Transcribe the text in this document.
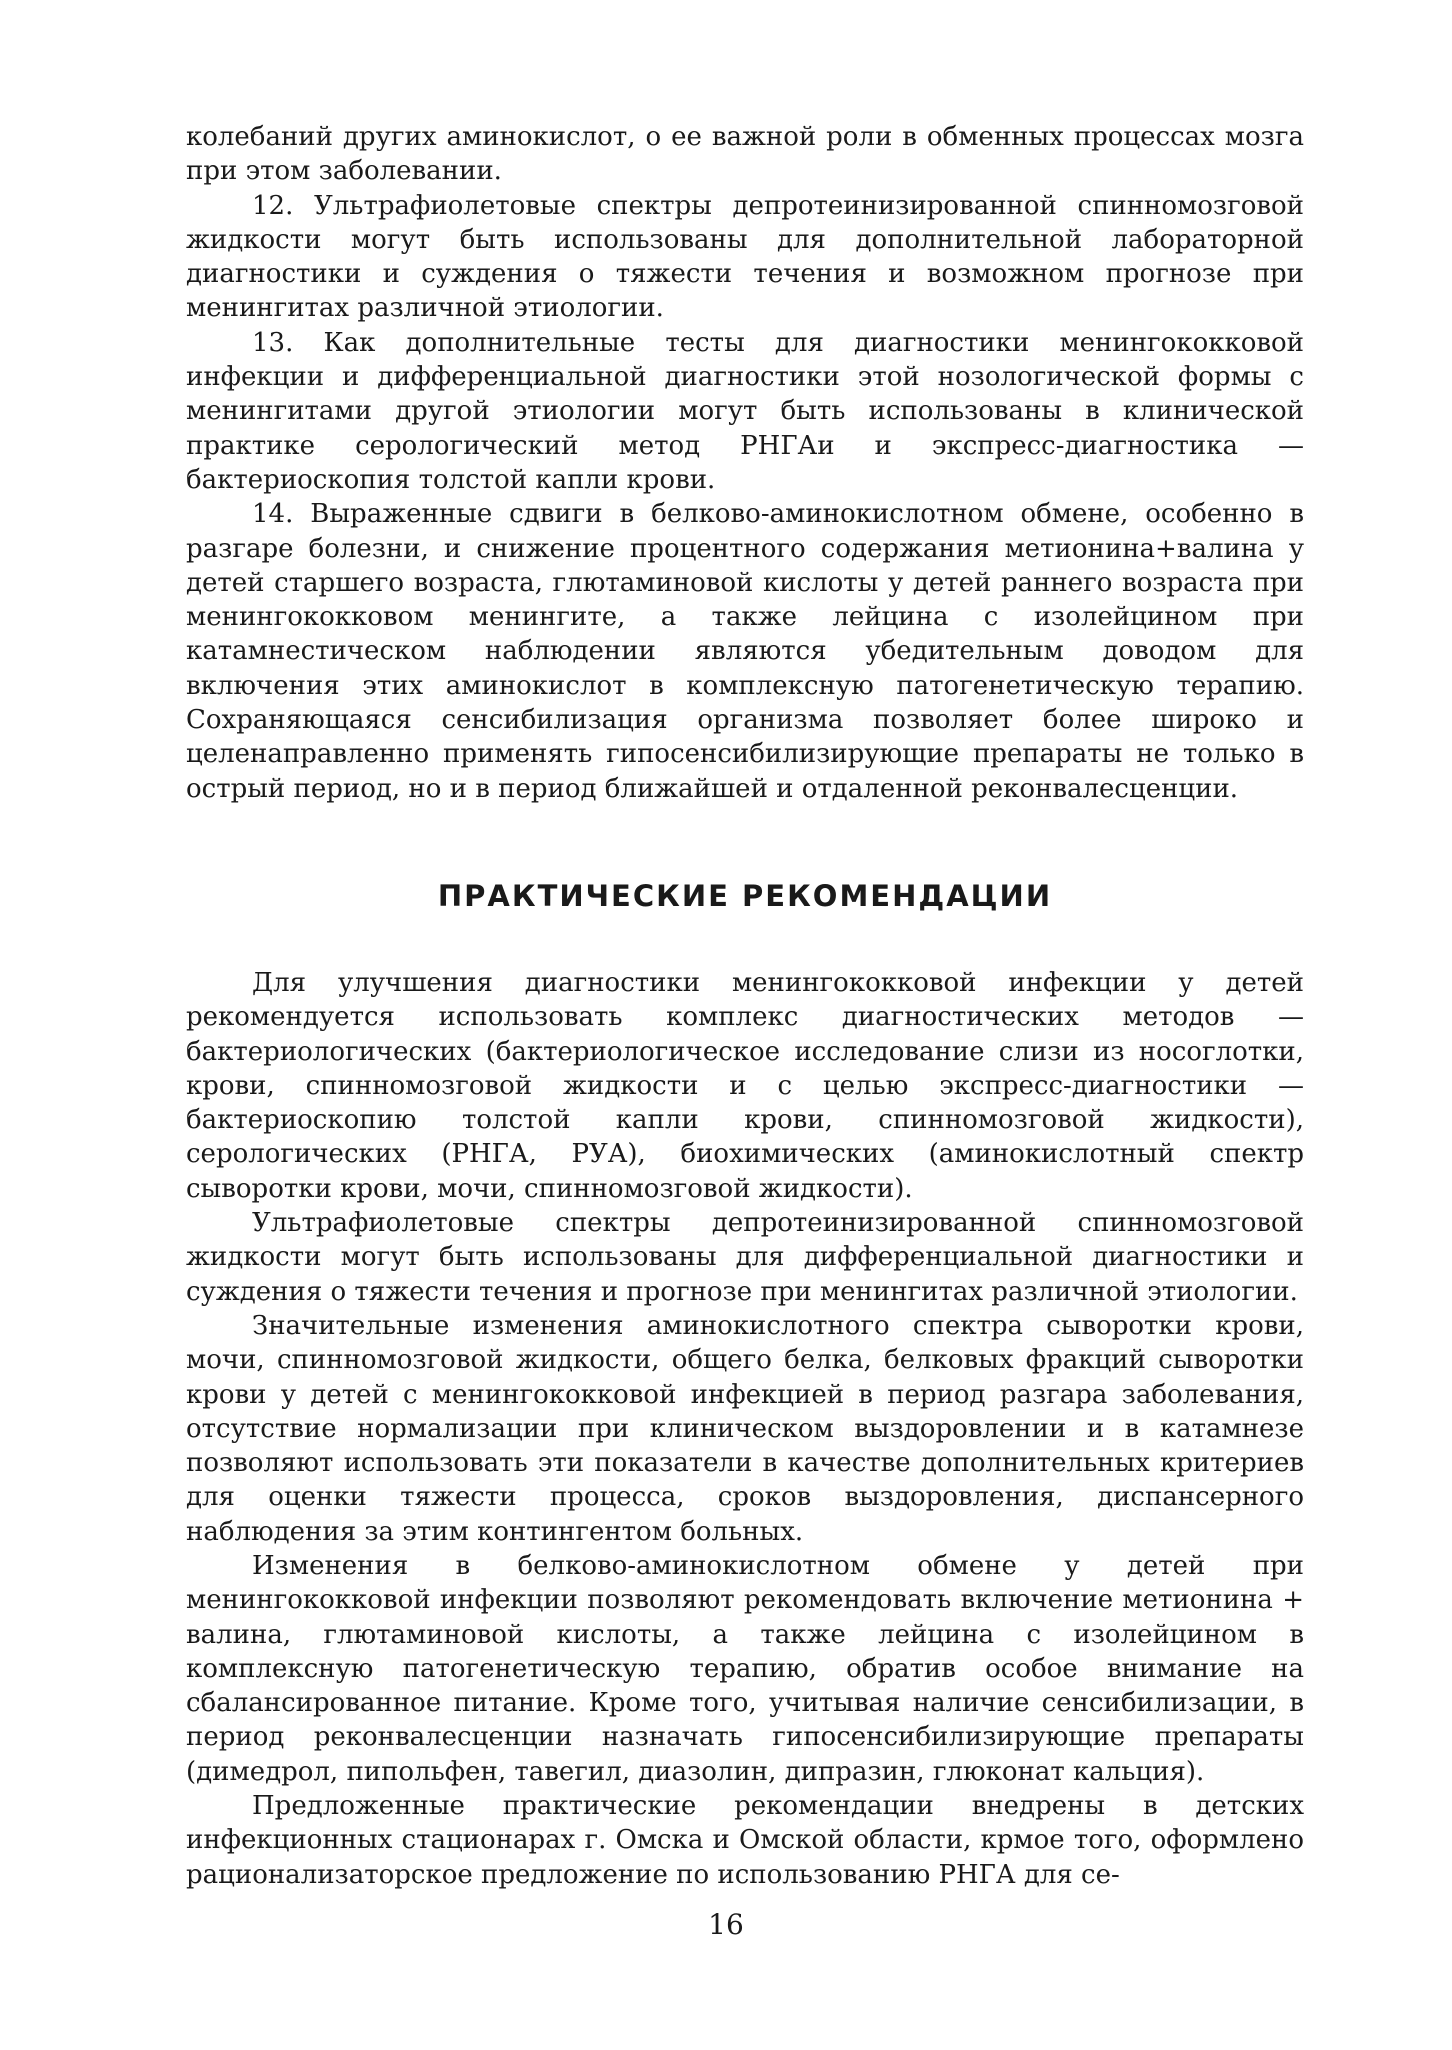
колебаний других аминокислот, о ее важной роли в обменных процессах мозга при этом заболевании.

12. Ультрафиолетовые спектры депротеинизированной спинномозговой жидкости могут быть использованы для дополнительной лабораторной диагностики и суждения о тяжести течения и возможном прогнозе при менингитах различной этиологии.

13. Как дополнительные тесты для диагностики менингококковой инфекции и дифференциальной диагностики этой нозологической формы с менингитами другой этиологии могут быть использованы в клинической практике серологический метод РНГАи и экспресс-диагностика — бактериоскопия толстой капли крови.

14. Выраженные сдвиги в белково-аминокислотном обмене, особенно в разгаре болезни, и снижение процентного содержания метионина+валина у детей старшего возраста, глютаминовой кислоты у детей раннего возраста при менингококковом менингите, а также лейцина с изолейцином при катамнестическом наблюдении являются убедительным доводом для включения этих аминокислот в комплексную патогенетическую терапию. Сохраняющаяся сенсибилизация организма позволяет более широко и целенаправленно применять гипосенсибилизирующие препараты не только в острый период, но и в период ближайшей и отдаленной реконвалесценции.

ПРАКТИЧЕСКИЕ РЕКОМЕНДАЦИИ

Для улучшения диагностики менингококковой инфекции у детей рекомендуется использовать комплекс диагностических методов — бактериологических (бактериологическое исследование слизи из носоглотки, крови, спинномозговой жидкости и с целью экспресс-диагностики — бактериоскопию толстой капли крови, спинномозговой жидкости), серологических (РНГА, РУА), биохимических (аминокислотный спектр сыворотки крови, мочи, спинномозговой жидкости).

Ультрафиолетовые спектры депротеинизированной спинномозговой жидкости могут быть использованы для дифференциальной диагностики и суждения о тяжести течения и прогнозе при менингитах различной этиологии.

Значительные изменения аминокислотного спектра сыворотки крови, мочи, спинномозговой жидкости, общего белка, белковых фракций сыворотки крови у детей с менингококковой инфекцией в период разгара заболевания, отсутствие нормализации при клиническом выздоровлении и в катамнезе позволяют использовать эти показатели в качестве дополнительных критериев для оценки тяжести процесса, сроков выздоровления, диспансерного наблюдения за этим контингентом больных.

Изменения в белково-аминокислотном обмене у детей при менингококковой инфекции позволяют рекомендовать включение метионина + валина, глютаминовой кислоты, а также лейцина с изолейцином в комплексную патогенетическую терапию, обратив особое внимание на сбалансированное питание. Кроме того, учитывая наличие сенсибилизации, в период реконвалесценции назначать гипосенсибилизирующие препараты (димедрол, пипольфен, тавегил, диазолин, дипразин, глюконат кальция).

Предложенные практические рекомендации внедрены в детских инфекционных стационарах г. Омска и Омской области, крмое того, оформлено рационализаторское предложение по использованию РНГА для се-

16
